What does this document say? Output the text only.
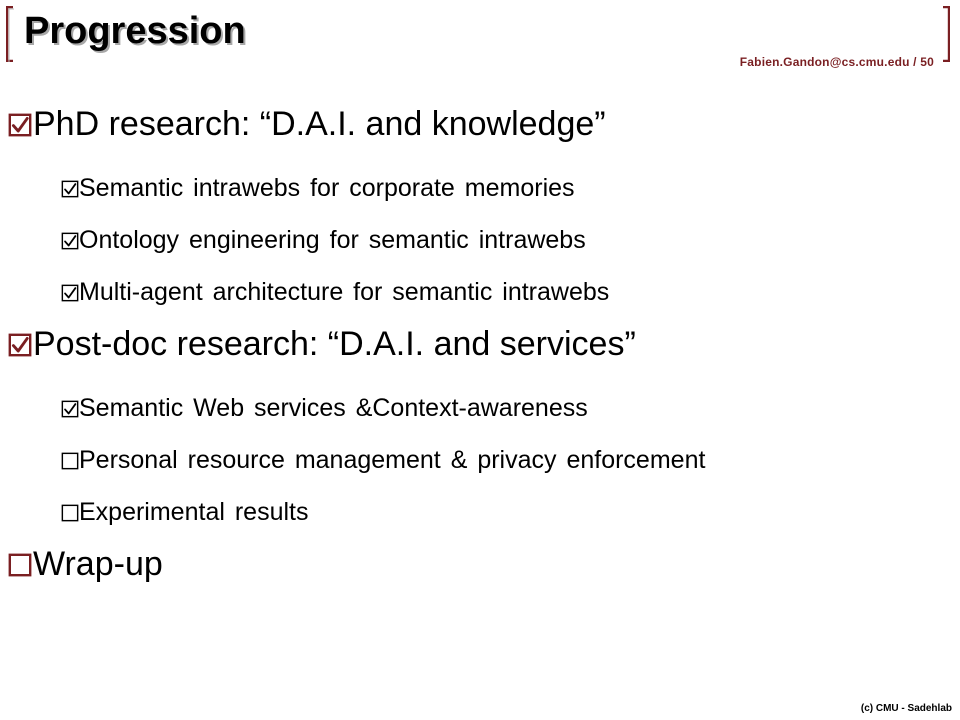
Progression
Fabien.Gandon@cs.cmu.edu / 50
PhD research: “D.A.I. and knowledge”
Semantic intrawebs for corporate memories
Ontology engineering for semantic intrawebs
Multi-agent architecture for semantic intrawebs
Post-doc research: “D.A.I. and services”
Semantic Web services &Context-awareness
Personal resource management & privacy enforcement
Experimental results
Wrap-up
(c) CMU - Sadehlab
